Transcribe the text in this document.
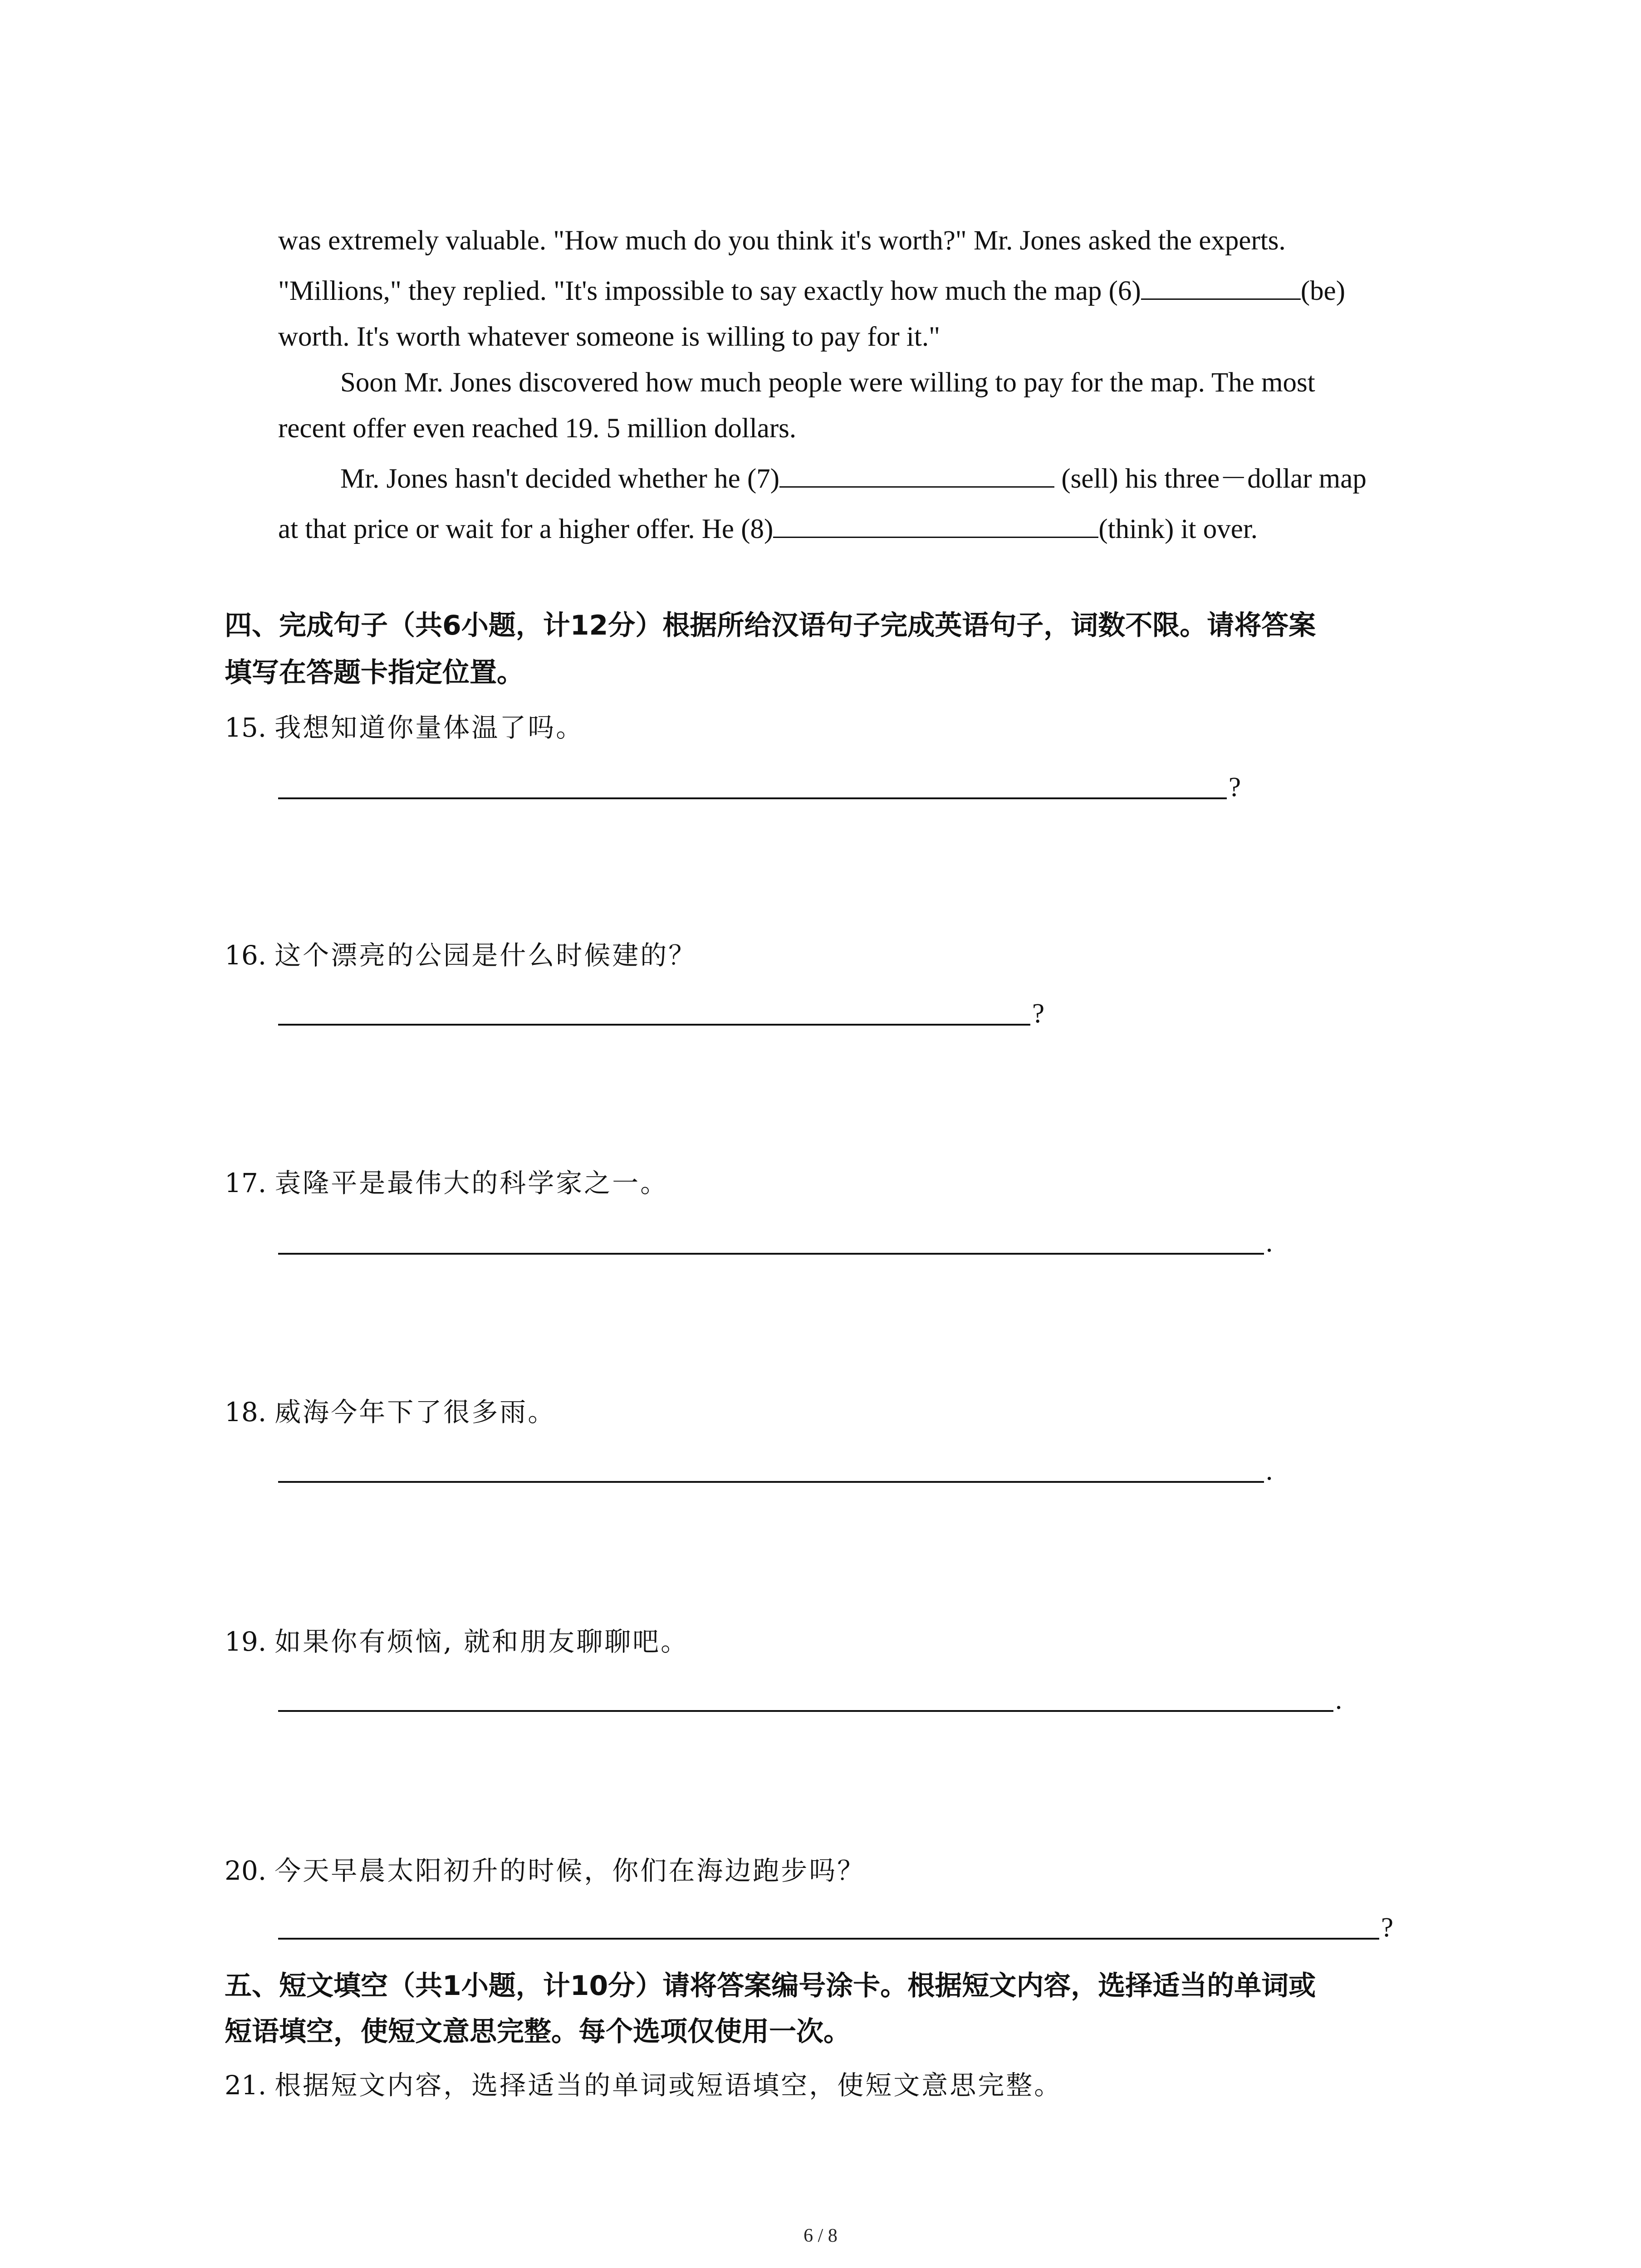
was extremely valuable. "How much do you think it's worth?" Mr. Jones asked the experts.
"Millions," they replied. "It's impossible to say exactly how much the map (6)	(be)
worth. It's worth whatever someone is willing to pay for it."
Soon Mr. Jones discovered how much people were willing to pay for the map. The most
recent offer even reached 19. 5 million dollars.
Mr. Jones hasn't decided whether he (7)	(sell) his three－dollar map
at that price or wait for a higher offer. He (8)	(think) it over.
四、完成句子（共6小题，计12分）根据所给汉语句子完成英语句子，词数不限。请将答案
填写在答题卡指定位置。
15. 我想知道你量体温了吗。
?
16. 这个漂亮的公园是什么时候建的？
?
17. 袁隆平是最伟大的科学家之一。
.
18. 威海今年下了很多雨。
.
19. 如果你有烦恼, 就和朋友聊聊吧。
.
20. 今天早晨太阳初升的时候，你们在海边跑步吗？
?
五、短文填空（共1小题，计10分）请将答案编号涂卡。根据短文内容，选择适当的单词或
短语填空，使短文意思完整。每个选项仅使用一次。
21. 根据短文内容，选择适当的单词或短语填空，使短文意思完整。
6 / 8
